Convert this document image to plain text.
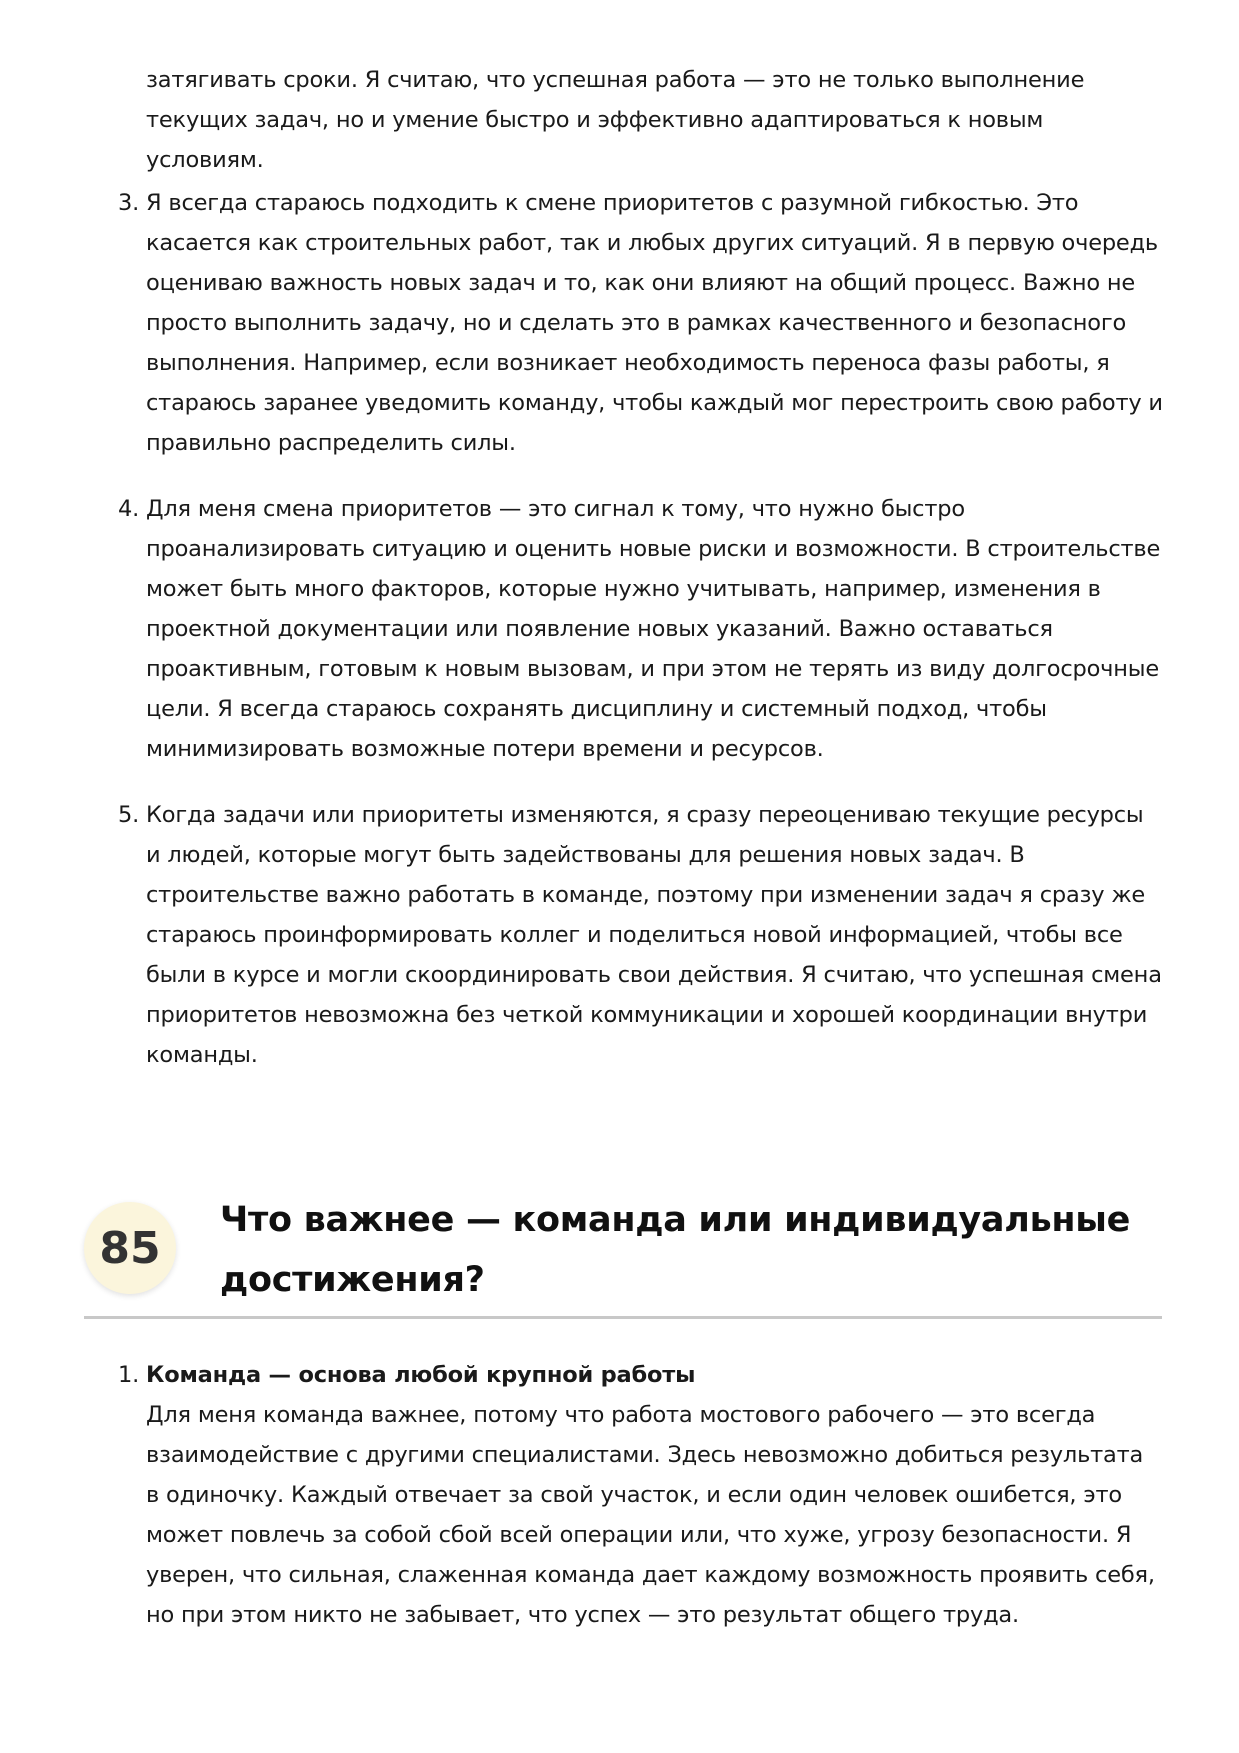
затягивать сроки. Я считаю, что успешная работа — это не только выполнение текущих задач, но и умение быстро и эффективно адаптироваться к новым условиям.
3. Я всегда стараюсь подходить к смене приоритетов с разумной гибкостью. Это касается как строительных работ, так и любых других ситуаций. Я в первую очередь оцениваю важность новых задач и то, как они влияют на общий процесс. Важно не просто выполнить задачу, но и сделать это в рамках качественного и безопасного выполнения. Например, если возникает необходимость переноса фазы работы, я стараюсь заранее уведомить команду, чтобы каждый мог перестроить свою работу и правильно распределить силы.
4. Для меня смена приоритетов — это сигнал к тому, что нужно быстро проанализировать ситуацию и оценить новые риски и возможности. В строительстве может быть много факторов, которые нужно учитывать, например, изменения в проектной документации или появление новых указаний. Важно оставаться проактивным, готовым к новым вызовам, и при этом не терять из виду долгосрочные цели. Я всегда стараюсь сохранять дисциплину и системный подход, чтобы минимизировать возможные потери времени и ресурсов.
5. Когда задачи или приоритеты изменяются, я сразу переоцениваю текущие ресурсы и людей, которые могут быть задействованы для решения новых задач. В строительстве важно работать в команде, поэтому при изменении задач я сразу же стараюсь проинформировать коллег и поделиться новой информацией, чтобы все были в курсе и могли скоординировать свои действия. Я считаю, что успешная смена приоритетов невозможна без четкой коммуникации и хорошей координации внутри команды.
85
Что важнее — команда или индивидуальные достижения?
1. Команда — основа любой крупной работы
Для меня команда важнее, потому что работа мостового рабочего — это всегда взаимодействие с другими специалистами. Здесь невозможно добиться результата в одиночку. Каждый отвечает за свой участок, и если один человек ошибется, это может повлечь за собой сбой всей операции или, что хуже, угрозу безопасности. Я уверен, что сильная, слаженная команда дает каждому возможность проявить себя, но при этом никто не забывает, что успех — это результат общего труда.
